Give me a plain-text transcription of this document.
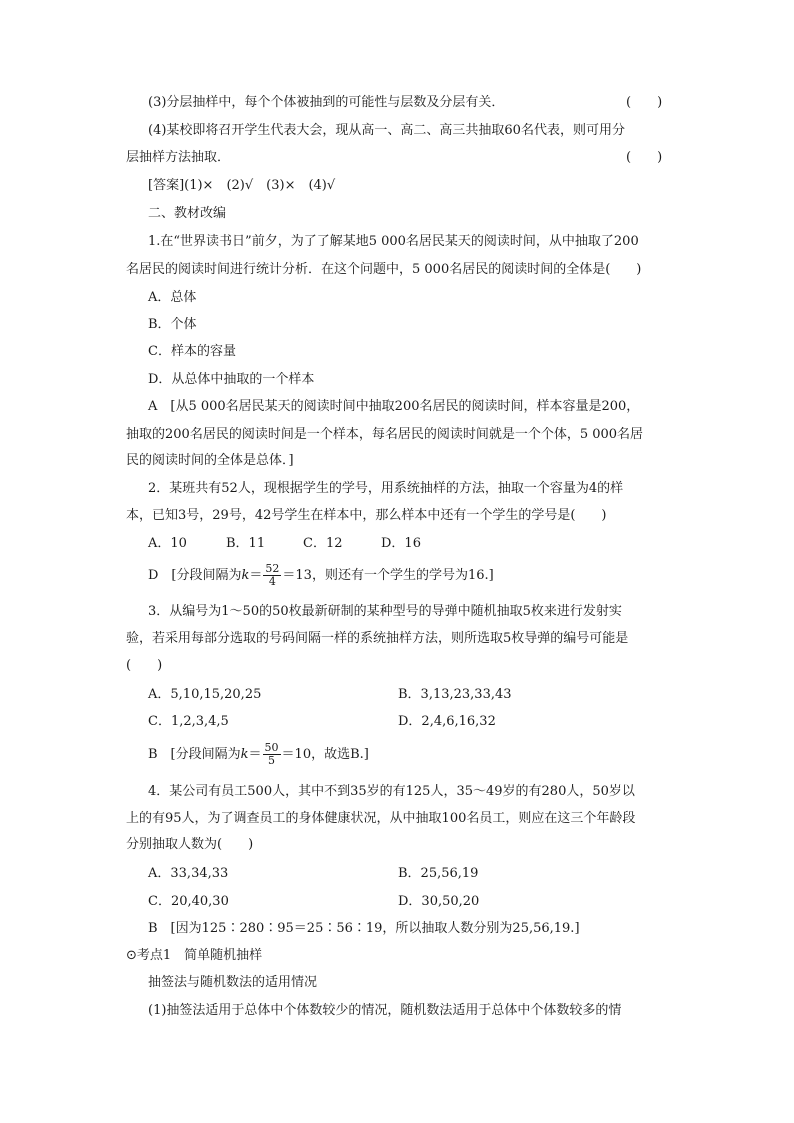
(3)分层抽样中，每个个体被抽到的可能性与层数及分层有关．	(　　)
(4)某校即将召开学生代表大会，现从高一、高二、高三共抽取60名代表，则可用分
层抽样方法抽取．	(　　)
[答案](1)×　(2)√　(3)×　(4)√
二、教材改编
1.在“世界读书日”前夕，为了了解某地5 000名居民某天的阅读时间，从中抽取了200
名居民的阅读时间进行统计分析．在这个问题中，5 000名居民的阅读时间的全体是(　　)
A．总体
B．个体
C．样本的容量
D．从总体中抽取的一个样本
A　[从5 000名居民某天的阅读时间中抽取200名居民的阅读时间，样本容量是200，
抽取的200名居民的阅读时间是一个样本，每名居民的阅读时间就是一个个体，5 000名居
民的阅读时间的全体是总体．]
2．某班共有52人，现根据学生的学号，用系统抽样的方法，抽取一个容量为4的样
本，已知3号，29号，42号学生在样本中，那么样本中还有一个学生的学号是(　　)
A．10	B．11	C．12	D．16
D　[分段间隔为$k= \frac{52}{4} =13$，则还有一个学生的学号为16.]
3．从编号为1～50的50枚最新研制的某种型号的导弹中随机抽取5枚来进行发射实
验，若采用每部分选取的号码间隔一样的系统抽样方法，则所选取5枚导弹的编号可能是
(　　)
A．5,10,15,20,25	B．3,13,23,33,43
C．1,2,3,4,5	D．2,4,6,16,32
B　[分段间隔为$k= \frac{50}{5} =10$，故选B.]
4．某公司有员工500人，其中不到35岁的有125人，35～49岁的有280人，50岁以
上的有95人，为了调查员工的身体健康状况，从中抽取100名员工，则应在这三个年龄段
分别抽取人数为(　　)
A．33,34,33	B．25,56,19
C．20,40,30	D．30,50,20
B　[因为125∶280∶95＝25∶56∶19，所以抽取人数分别为25,56,19.]
⊙考点1　简单随机抽样
抽签法与随机数法的适用情况
(1)抽签法适用于总体中个体数较少的情况，随机数法适用于总体中个体数较多的情
